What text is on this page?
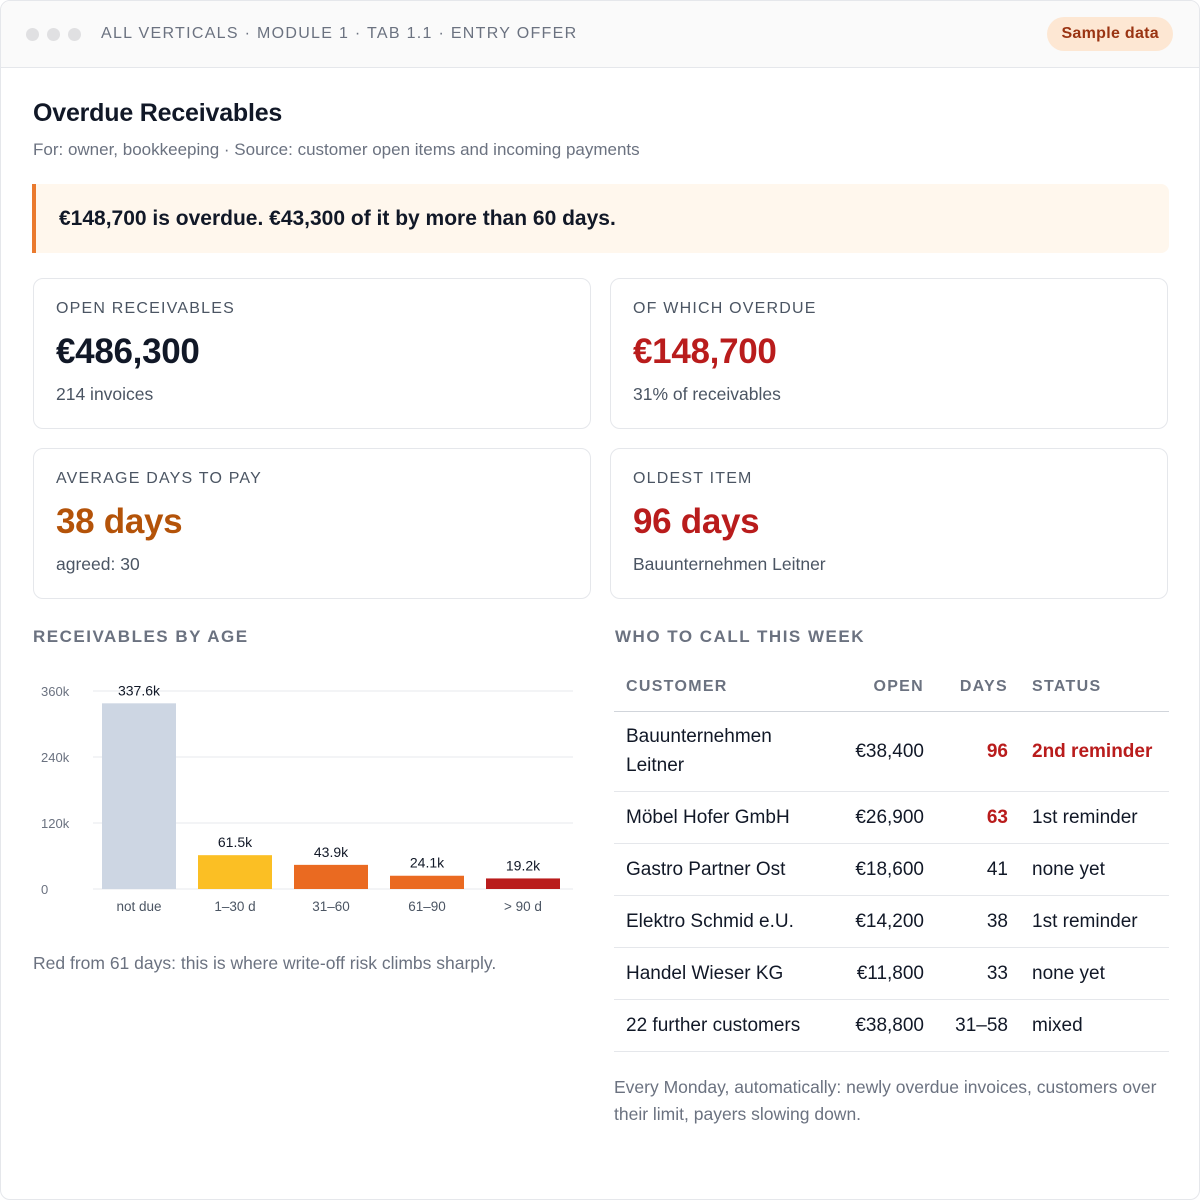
ALL VERTICALS · MODULE 1 · TAB 1.1 · ENTRY OFFER	Sample data
Overdue Receivables
For: owner, bookkeeping · Source: customer open items and incoming payments
€148,700 is overdue. €43,300 of it by more than 60 days.
OPEN RECEIVABLES
€486,300
214 invoices
OF WHICH OVERDUE
€148,700
31% of receivables
AVERAGE DAYS TO PAY
38 days
agreed: 30
OLDEST ITEM
96 days
Bauunternehmen Leitner
RECEIVABLES BY AGE
0
120k
240k
360k	337.6k
not due
61.5k
1–30 d
43.9k
31–60
24.1k
61–90
19.2k
> 90 d
Red from 61 days: this is where write-off risk climbs sharply.
WHO TO CALL THIS WEEK
CUSTOMER	OPEN	DAYS	STATUS
Bauunternehmen Leitner	€38,400	96	2nd reminder
Möbel Hofer GmbH	€26,900	63	1st reminder
Gastro Partner Ost	€18,600	41	none yet
Elektro Schmid e.U.	€14,200	38	1st reminder
Handel Wieser KG	€11,800	33	none yet
22 further customers	€38,800	31–58	mixed
Every Monday, automatically: newly overdue invoices, customers over their limit, payers slowing down.
